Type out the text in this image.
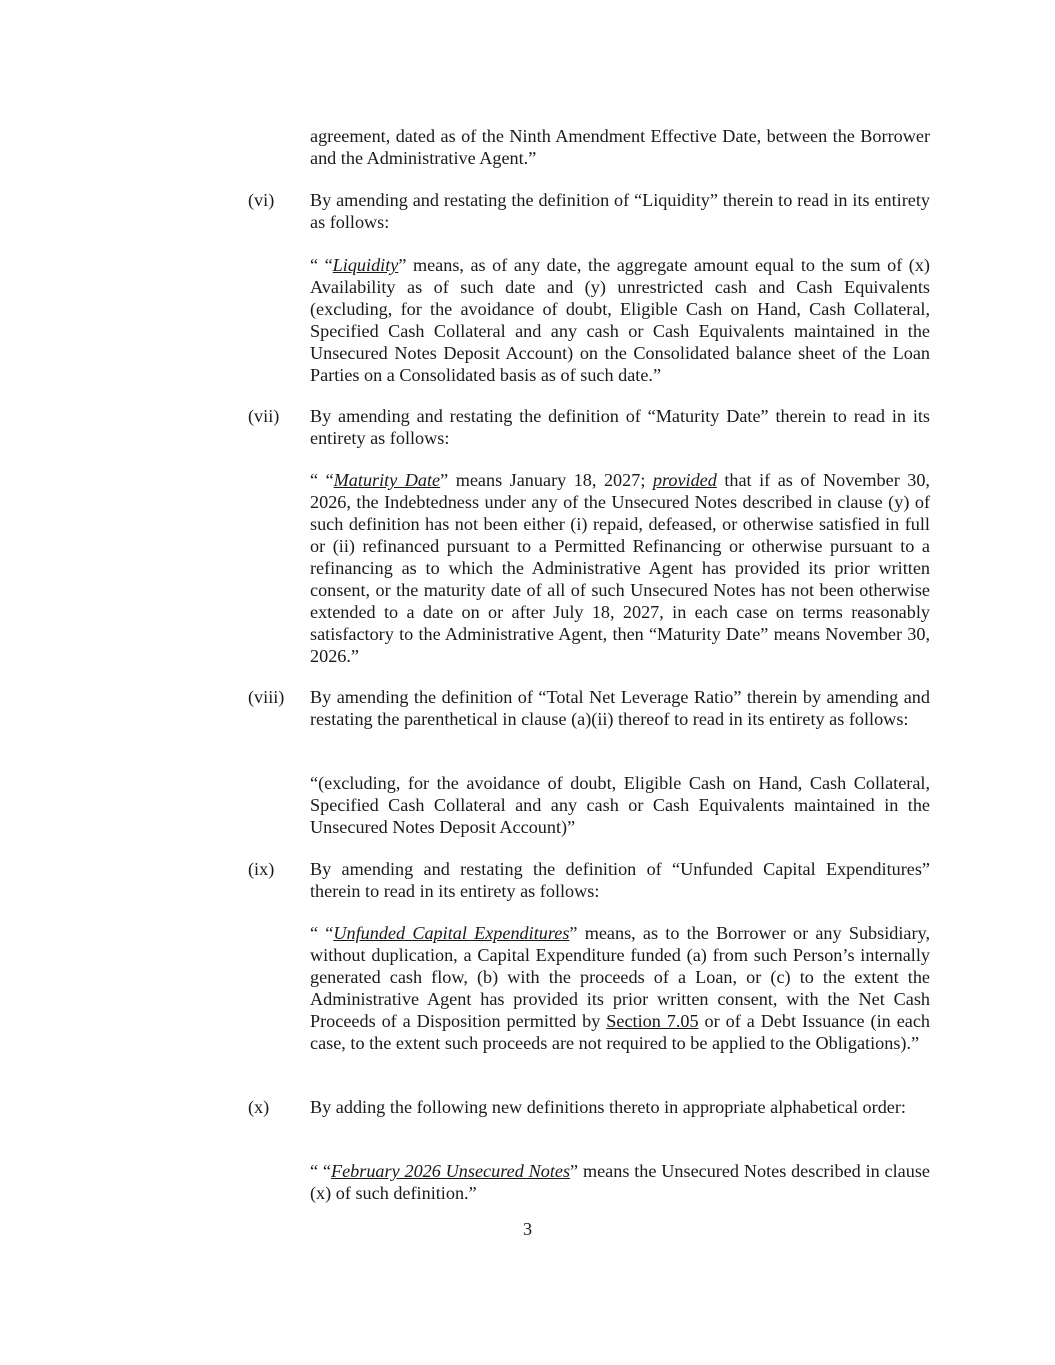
agreement, dated as of the Ninth Amendment Effective Date, between the Borrower and the Administrative Agent.”

(vi) By amending and restating the definition of “Liquidity” therein to read in its entirety as follows:

“ “Liquidity” means, as of any date, the aggregate amount equal to the sum of (x) Availability as of such date and (y) unrestricted cash and Cash Equivalents (excluding, for the avoidance of doubt, Eligible Cash on Hand, Cash Collateral, Specified Cash Collateral and any cash or Cash Equivalents maintained in the Unsecured Notes Deposit Account) on the Consolidated balance sheet of the Loan Parties on a Consolidated basis as of such date.”

(vii) By amending and restating the definition of “Maturity Date” therein to read in its entirety as follows:

“ “Maturity Date” means January 18, 2027; provided that if as of November 30, 2026, the Indebtedness under any of the Unsecured Notes described in clause (y) of such definition has not been either (i) repaid, defeased, or otherwise satisfied in full or (ii) refinanced pursuant to a Permitted Refinancing or otherwise pursuant to a refinancing as to which the Administrative Agent has provided its prior written consent, or the maturity date of all of such Unsecured Notes has not been otherwise extended to a date on or after July 18, 2027, in each case on terms reasonably satisfactory to the Administrative Agent, then “Maturity Date” means November 30, 2026.”

(viii) By amending the definition of “Total Net Leverage Ratio” therein by amending and restating the parenthetical in clause (a)(ii) thereof to read in its entirety as follows:

“(excluding, for the avoidance of doubt, Eligible Cash on Hand, Cash Collateral, Specified Cash Collateral and any cash or Cash Equivalents maintained in the Unsecured Notes Deposit Account)”

(ix) By amending and restating the definition of “Unfunded Capital Expenditures” therein to read in its entirety as follows:

“ “Unfunded Capital Expenditures” means, as to the Borrower or any Subsidiary, without duplication, a Capital Expenditure funded (a) from such Person’s internally generated cash flow, (b) with the proceeds of a Loan, or (c) to the extent the Administrative Agent has provided its prior written consent, with the Net Cash Proceeds of a Disposition permitted by Section 7.05 or of a Debt Issuance (in each case, to the extent such proceeds are not required to be applied to the Obligations).”

(x) By adding the following new definitions thereto in appropriate alphabetical order:

“ “February 2026 Unsecured Notes” means the Unsecured Notes described in clause (x) of such definition.”

3
